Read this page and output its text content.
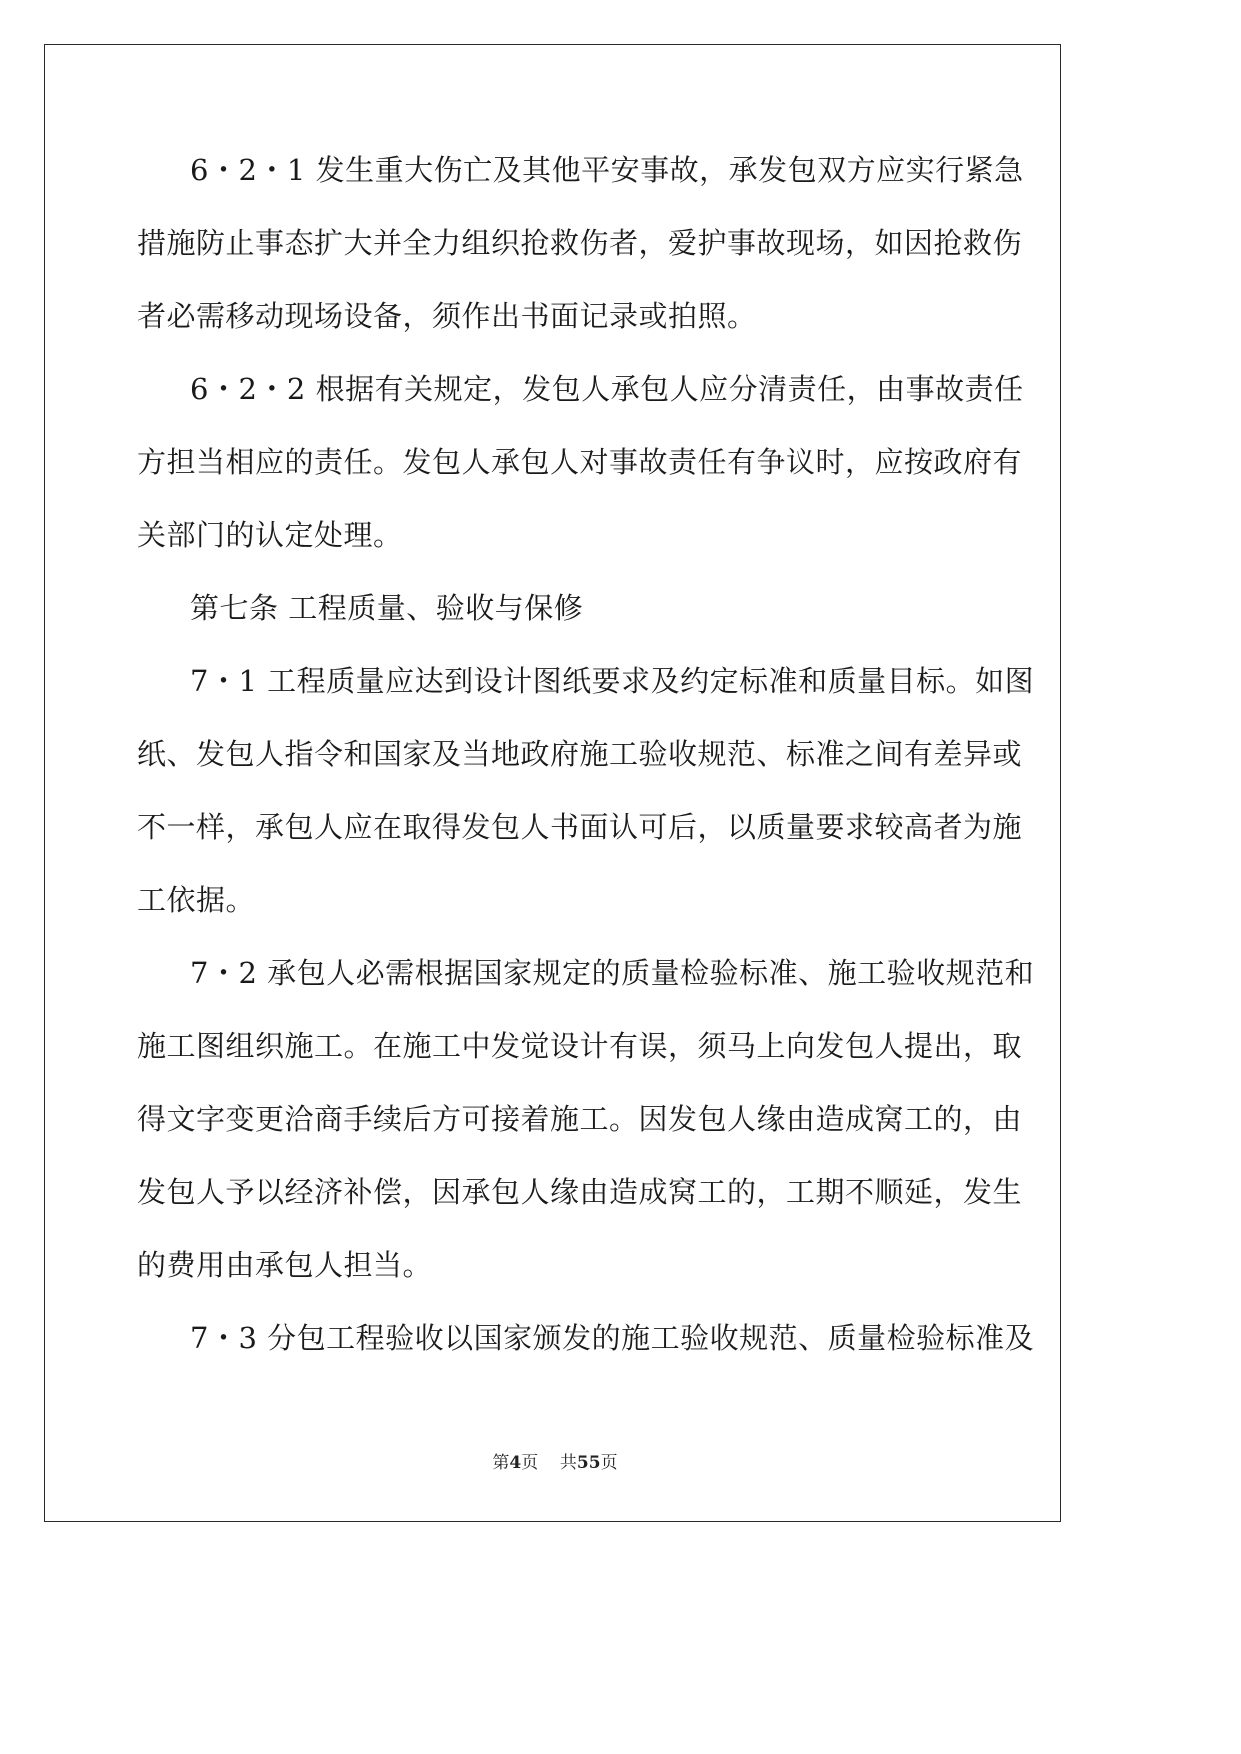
6・2・1 发生重大伤亡及其他平安事故，承发包双方应实行紧急
措施防止事态扩大并全力组织抢救伤者，爱护事故现场，如因抢救伤
者必需移动现场设备，须作出书面记录或拍照。
6・2・2 根据有关规定，发包人承包人应分清责任，由事故责任
方担当相应的责任。发包人承包人对事故责任有争议时，应按政府有
关部门的认定处理。
第七条 工程质量、验收与保修
7・1 工程质量应达到设计图纸要求及约定标准和质量目标。如图
纸、发包人指令和国家及当地政府施工验收规范、标准之间有差异或
不一样，承包人应在取得发包人书面认可后，以质量要求较高者为施
工依据。
7・2 承包人必需根据国家规定的质量检验标准、施工验收规范和
施工图组织施工。在施工中发觉设计有误，须马上向发包人提出，取
得文字变更洽商手续后方可接着施工。因发包人缘由造成窝工的，由
发包人予以经济补偿，因承包人缘由造成窝工的，工期不顺延，发生
的费用由承包人担当。
7・3 分包工程验收以国家颁发的施工验收规范、质量检验标准及
第4页    共55页
